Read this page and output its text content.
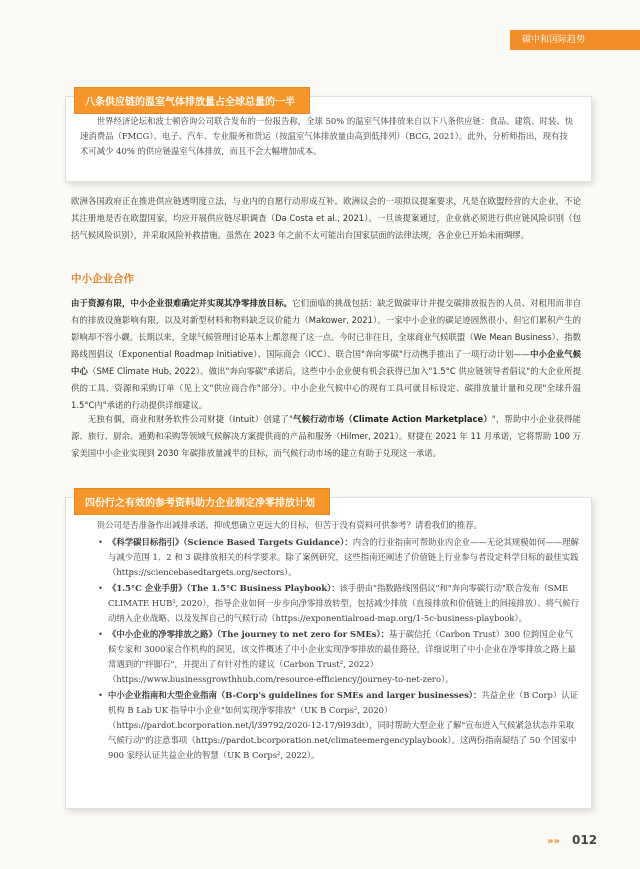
碳中和国际趋势
八条供应链的温室气体排放量占全球总量的一半
世界经济论坛和波士顿咨询公司联合发布的一份报告称，全球 50% 的温室气体排放来自以下八条供应链：食品、建筑、时装、快速消费品（FMCG）、电子、汽车、专业服务和货运（按温室气体排放量由高到低排列）（BCG, 2021）。此外，分析师指出，现有技术可减少 40% 的供应链温室气体排放，而且不会大幅增加成本。
欧洲各国政府正在推进供应链透明度立法，与业内的自愿行动形成互补。欧洲议会的一项拟议提案要求，凡是在欧盟经营的大企业，不论其注册地是否在欧盟国家，均应开展供应链尽职调查（Da Costa et al., 2021）。一旦该提案通过，企业就必须进行供应链风险识别（包括气候风险识别），并采取风险补救措施。虽然在 2023 年之前不太可能出台国家层面的法律法规，各企业已开始未雨绸缪。
中小企业合作
由于资源有限，中小企业很难确定并实现其净零排放目标。它们面临的挑战包括：缺乏做碳审计并提交碳排放报告的人员、对租用而非自有的排放设施影响有限，以及对新型材料和物料缺乏议价能力（Makower, 2021）。一家中小企业的碳足迹固然很小，但它们累积产生的影响却不容小觑。长期以来，全球气候管理讨论基本上都忽视了这一点。今时已非往日，全球商业气候联盟（We Mean Business）、指数路线图倡议（Exponential Roadmap Initiative）、国际商会（ICC）、联合国"奔向零碳"行动携手推出了一项行动计划——中小企业气候中心（SME Climate Hub, 2022）。做出"奔向零碳"承诺后，这些中小企业便有机会获得已加入"1.5°C 供应链领导者倡议"的大企业所提供的工具、资源和采购订单（见上文"供应商合作"部分）。中小企业气候中心的现有工具可就目标设定、碳排放量计量和兑现"全球升温 1.5°C内"承诺的行动提供详细建议。
无独有偶，商业和财务软件公司财捷（Intuit）创建了"气候行动市场（Climate Action Marketplace）"，帮助中小企业获得能源、旅行、厨余、通勤和采购等领域气候解决方案提供商的产品和服务（Hilmer, 2021）。财捷在 2021 年 11 月承诺，它将帮助 100 万家美国中小企业实现到 2030 年碳排放量减半的目标，而气候行动市场的建立有助于兑现这一承诺。
四份行之有效的参考资料助力企业制定净零排放计划
贵公司是否准备作出减排承诺，抑或想确立更远大的目标，但苦于没有资料可供参考？请看我们的推荐。
• 《科学碳目标指引》（Science Based Targets Guidance）：内含的行业指南可帮助业内企业——无论其规模如何——理解与减少范围 1、2 和 3 碳排放相关的科学要求。除了案例研究，这些指南还阐述了价值链上行业参与者设定科学目标的最佳实践（https://sciencebasedtargets.org/sectors）。
• 《1.5°C 企业手册》（The 1.5°C Business Playbook）：该手册由"指数路线图倡议"和"奔向零碳行动"联合发布（SME CLIMATE HUB², 2020），指导企业如何一步步向净零排放转型，包括减少排放（直接排放和价值链上的间接排放）、将气候行动纳入企业战略、以及发挥自己的气候行动（https://exponentialroad-map.org/1-5c-business-playbook）。
• 《中小企业的净零排放之路》（The journey to net zero for SMEs）：基于碳信托（Carbon Trust）300 位跨国企业气候专家和 3000家合作机构的洞见，该文件概述了中小企业实现净零排放的最佳路径，详细说明了中小企业在净零排放之路上最常遇到的"绊脚石"，并提出了有针对性的建议（Carbon Trust², 2022）（https://www.businessgrowthhub.com/resource-efficiency/journey-to-net-zero）。
• 中小企业指南和大型企业指南（B-Corp's guidelines for SMEs and larger businesses）：共益企业（B Corp）认证机构 B Lab UK 指导中小企业"如何实现净零排放"（UK B Corps², 2020）（https://pardot.bcorporation.net/l/39792/2020-12-17/9l93dt），同时帮助大型企业了解"宣布进入气候紧急状态并采取气候行动"的注意事项（https://pardot.bcorporation.net/climateemergencyplaybook）。这两份指南凝结了 50 个国家中 900 家经认证共益企业的智慧（UK B Corps², 2022）。
»» 012
